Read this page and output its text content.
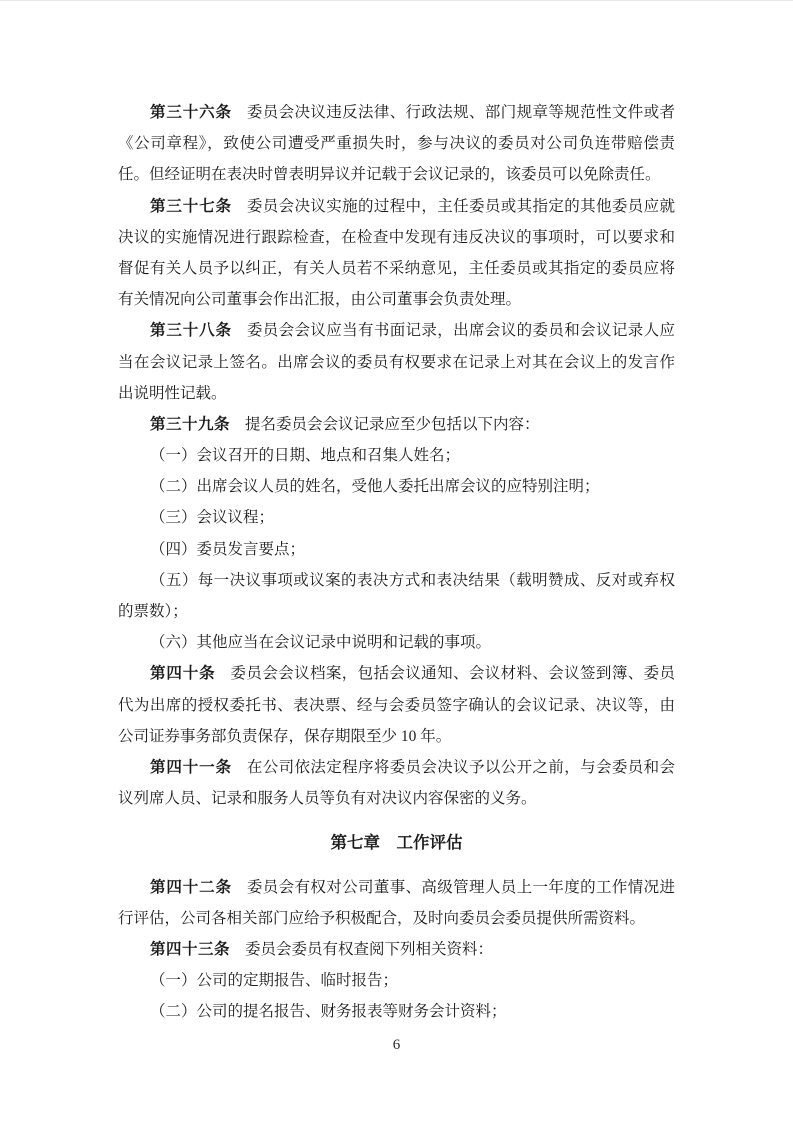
第三十六条 委员会决议违反法律、行政法规、部门规章等规范性文件或者
《公司章程》，致使公司遭受严重损失时，参与决议的委员对公司负连带赔偿责
任。但经证明在表决时曾表明异议并记载于会议记录的，该委员可以免除责任。
第三十七条 委员会决议实施的过程中，主任委员或其指定的其他委员应就
决议的实施情况进行跟踪检查，在检查中发现有违反决议的事项时，可以要求和
督促有关人员予以纠正，有关人员若不采纳意见，主任委员或其指定的委员应将
有关情况向公司董事会作出汇报，由公司董事会负责处理。
第三十八条 委员会会议应当有书面记录，出席会议的委员和会议记录人应
当在会议记录上签名。出席会议的委员有权要求在记录上对其在会议上的发言作
出说明性记载。
第三十九条 提名委员会会议记录应至少包括以下内容：
（一）会议召开的日期、地点和召集人姓名；
（二）出席会议人员的姓名，受他人委托出席会议的应特别注明；
（三）会议议程；
（四）委员发言要点；
（五）每一决议事项或议案的表决方式和表决结果（载明赞成、反对或弃权
的票数）；
（六）其他应当在会议记录中说明和记载的事项。
第四十条 委员会会议档案，包括会议通知、会议材料、会议签到簿、委员
代为出席的授权委托书、表决票、经与会委员签字确认的会议记录、决议等，由
公司证券事务部负责保存，保存期限至少 10 年。
第四十一条 在公司依法定程序将委员会决议予以公开之前，与会委员和会
议列席人员、记录和服务人员等负有对决议内容保密的义务。
第七章　工作评估
第四十二条 委员会有权对公司董事、高级管理人员上一年度的工作情况进
行评估，公司各相关部门应给予积极配合，及时向委员会委员提供所需资料。
第四十三条 委员会委员有权查阅下列相关资料：
（一）公司的定期报告、临时报告；
（二）公司的提名报告、财务报表等财务会计资料；
6
